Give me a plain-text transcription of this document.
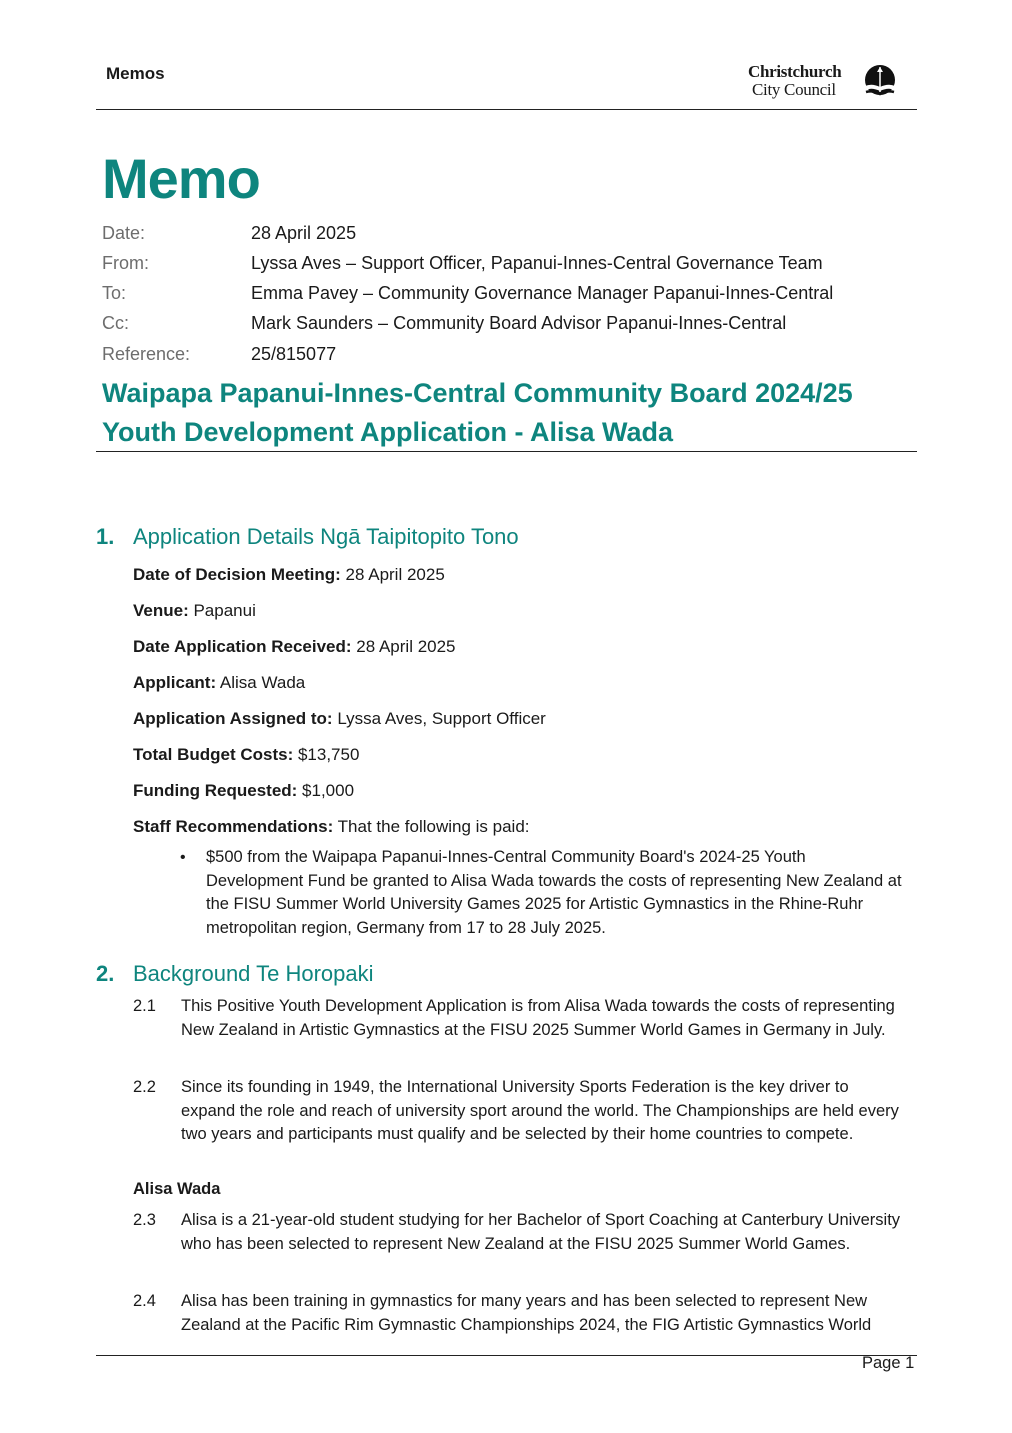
Memos	Christchurch
City Council
Memo
Date:	28 April 2025
From:	Lyssa Aves – Support Officer, Papanui-Innes-Central Governance Team
To:	Emma Pavey – Community Governance Manager Papanui-Innes-Central
Cc:	Mark Saunders – Community Board Advisor Papanui-Innes-Central
Reference:	25/815077
Waipapa Papanui-Innes-Central Community Board 2024/25
Youth Development Application - Alisa Wada
1. Application Details Ngā Taipitopito Tono
Date of Decision Meeting: 28 April 2025
Venue: Papanui
Date Application Received: 28 April 2025
Applicant: Alisa Wada
Application Assigned to: Lyssa Aves, Support Officer
Total Budget Costs: $13,750
Funding Requested: $1,000
Staff Recommendations: That the following is paid:
• $500 from the Waipapa Papanui-Innes-Central Community Board's 2024-25 Youth Development Fund be granted to Alisa Wada towards the costs of representing New Zealand at the FISU Summer World University Games 2025 for Artistic Gymnastics in the Rhine-Ruhr metropolitan region, Germany from 17 to 28 July 2025.
2. Background Te Horopaki
2.1 This Positive Youth Development Application is from Alisa Wada towards the costs of representing New Zealand in Artistic Gymnastics at the FISU 2025 Summer World Games in Germany in July.
2.2 Since its founding in 1949, the International University Sports Federation is the key driver to expand the role and reach of university sport around the world. The Championships are held every two years and participants must qualify and be selected by their home countries to compete.
Alisa Wada
2.3 Alisa is a 21-year-old student studying for her Bachelor of Sport Coaching at Canterbury University who has been selected to represent New Zealand at the FISU 2025 Summer World Games.
2.4 Alisa has been training in gymnastics for many years and has been selected to represent New Zealand at the Pacific Rim Gymnastic Championships 2024, the FIG Artistic Gymnastics World
Page 1
